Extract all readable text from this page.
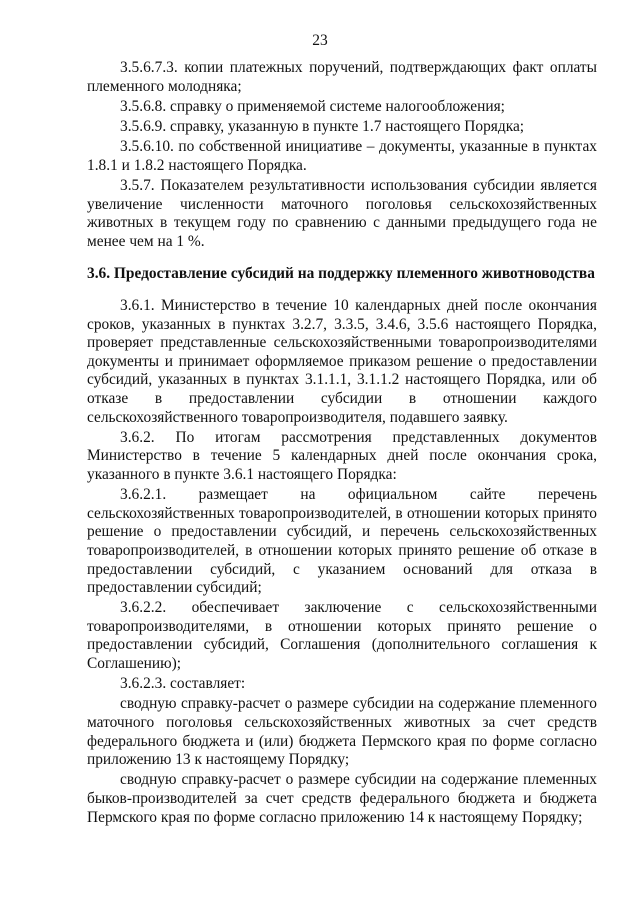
23

3.5.6.7.3. копии платежных поручений, подтверждающих факт оплаты племенного молодняка;

3.5.6.8. справку о применяемой системе налогообложения;

3.5.6.9. справку, указанную в пункте 1.7 настоящего Порядка;

3.5.6.10. по собственной инициативе – документы, указанные в пунктах 1.8.1 и 1.8.2 настоящего Порядка.

3.5.7. Показателем результативности использования субсидии является увеличение численности маточного поголовья сельскохозяйственных животных в текущем году по сравнению с данными предыдущего года не менее чем на 1 %.

3.6. Предоставление субсидий на поддержку племенного животноводства

3.6.1. Министерство в течение 10 календарных дней после окончания сроков, указанных в пунктах 3.2.7, 3.3.5, 3.4.6, 3.5.6 настоящего Порядка, проверяет представленные сельскохозяйственными товаропроизводителями документы и принимает оформляемое приказом решение о предоставлении субсидий, указанных в пунктах 3.1.1.1, 3.1.1.2 настоящего Порядка, или об отказе в предоставлении субсидии в отношении каждого сельскохозяйственного товаропроизводителя, подавшего заявку.

3.6.2. По итогам рассмотрения представленных документов Министерство в течение 5 календарных дней после окончания срока, указанного в пункте 3.6.1 настоящего Порядка:

3.6.2.1. размещает на официальном сайте перечень сельскохозяйственных товаропроизводителей, в отношении которых принято решение о предоставлении субсидий, и перечень сельскохозяйственных товаропроизводителей, в отношении которых принято решение об отказе в предоставлении субсидий, с указанием оснований для отказа в предоставлении субсидий;

3.6.2.2. обеспечивает заключение с сельскохозяйственными товаропроизводителями, в отношении которых принято решение о предоставлении субсидий, Соглашения (дополнительного соглашения к Соглашению);

3.6.2.3. составляет:

сводную справку-расчет о размере субсидии на содержание племенного маточного поголовья сельскохозяйственных животных за счет средств федерального бюджета и (или) бюджета Пермского края по форме согласно приложению 13 к настоящему Порядку;

сводную справку-расчет о размере субсидии на содержание племенных быков-производителей за счет средств федерального бюджета и бюджета Пермского края по форме согласно приложению 14 к настоящему Порядку;
